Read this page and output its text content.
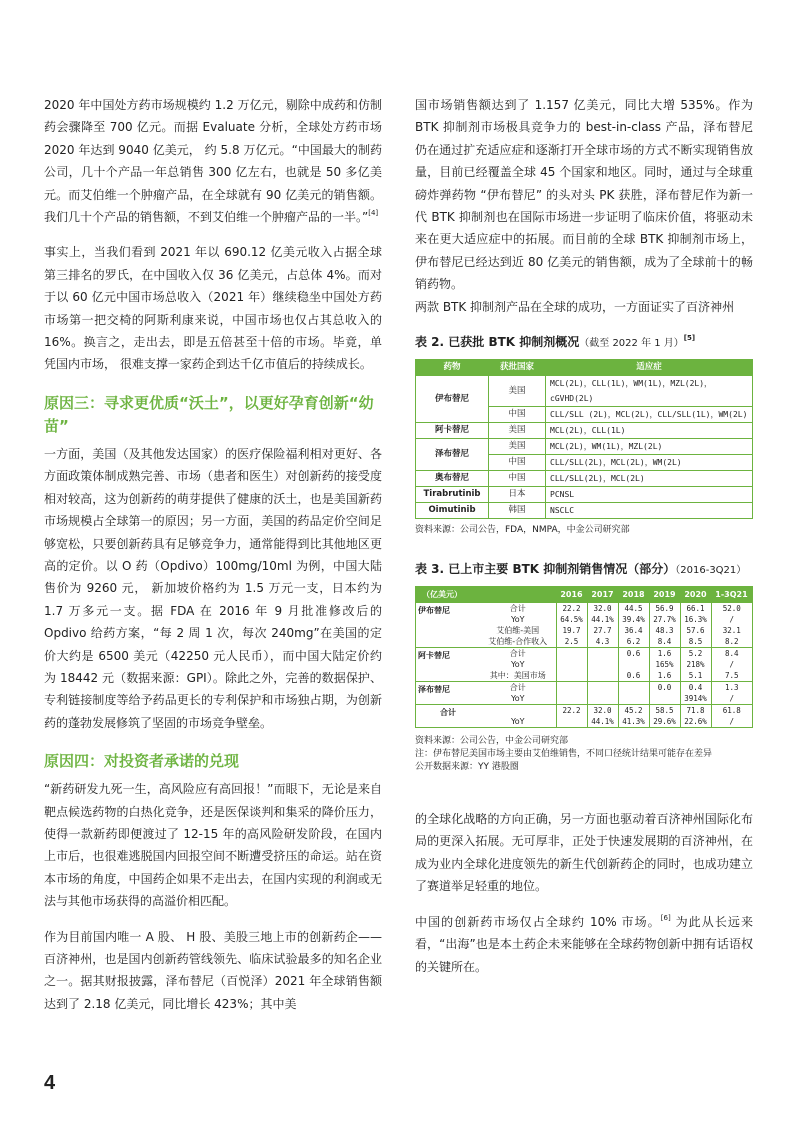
2020 年中国处方药市场规模约 1.2 万亿元，剔除中成药和仿制药会骤降至 700 亿元。而据 Evaluate 分析，全球处方药市场 2020 年达到 9040 亿美元， 约 5.8 万亿元。“中国最大的制药公司，几十个产品一年总销售 300 亿左右，也就是 50 多亿美元。而艾伯维一个肿瘤产品，在全球就有 90 亿美元的销售额。我们几十个产品的销售额，不到艾伯维一个肿瘤产品的一半。”[4]

事实上，当我们看到 2021 年以 690.12 亿美元收入占据全球第三排名的罗氏，在中国收入仅 36 亿美元，占总体 4%。而对于以 60 亿元中国市场总收入（2021 年）继续稳坐中国处方药市场第一把交椅的阿斯利康来说，中国市场也仅占其总收入的 16%。换言之，走出去，即是五倍甚至十倍的市场。毕竟，单凭国内市场， 很难支撑一家药企到达千亿市值后的持续成长。

原因三：寻求更优质“沃土”，以更好孕育创新“幼苗”

一方面，美国（及其他发达国家）的医疗保险福利相对更好、各方面政策体制成熟完善、市场（患者和医生）对创新药的接受度相对较高，这为创新药的萌芽提供了健康的沃土，也是美国新药市场规模占全球第一的原因；另一方面，美国的药品定价空间足够宽松，只要创新药具有足够竞争力，通常能得到比其他地区更高的定价。以 O 药（Opdivo）100mg/10ml 为例，中国大陆售价为 9260 元， 新加坡价格约为 1.5 万元一支，日本约为 1.7 万多元一支。据 FDA 在 2016 年 9 月批准修改后的 Opdivo 给药方案，“每 2 周 1 次，每次 240mg”在美国的定价大约是 6500 美元（42250 元人民币），而中国大陆定价约为 18442 元（数据来源：GPI）。除此之外，完善的数据保护、专利链接制度等给予药品更长的专利保护和市场独占期，为创新药的蓬勃发展修筑了坚固的市场竞争壁垒。

原因四：对投资者承诺的兑现

“新药研发九死一生，高风险应有高回报！”而眼下，无论是来自靶点候选药物的白热化竞争，还是医保谈判和集采的降价压力，使得一款新药即便渡过了 12-15 年的高风险研发阶段，在国内上市后，也很难逃脱国内回报空间不断遭受挤压的命运。站在资本市场的角度，中国药企如果不走出去，在国内实现的利润或无法与其他市场获得的高溢价相匹配。

作为目前国内唯一 A 股、 H 股、美股三地上市的创新药企—— 百济神州，也是国内创新药管线领先、临床试验最多的知名企业之一。据其财报披露，泽布替尼（百悦泽）2021 年全球销售额达到了 2.18 亿美元，同比增长 423%；其中美

国市场销售额达到了 1.157 亿美元，同比大增 535%。作为 BTK 抑制剂市场极具竞争力的 best-in-class 产品，泽布替尼仍在通过扩充适应症和逐渐打开全球市场的方式不断实现销售放量，目前已经覆盖全球 45 个国家和地区。同时，通过与全球重磅炸弹药物 “伊布替尼” 的头对头 PK 获胜，泽布替尼作为新一代 BTK 抑制剂也在国际市场进一步证明了临床价值，将驱动未来在更大适应症中的拓展。而目前的全球 BTK 抑制剂市场上，伊布替尼已经达到近 80 亿美元的销售额，成为了全球前十的畅销药物。

两款 BTK 抑制剂产品在全球的成功，一方面证实了百济神州

表 2. 已获批 BTK 抑制剂概况（截至 2022 年 1 月）[5]
药物	获批国家	适应症
伊布替尼	美国	MCL(2L)，CLL(1L)，WM(1L)，MZL(2L)，cGVHD(2L)
	中国	CLL/SLL (2L)，MCL(2L)，CLL/SLL(1L)，WM(2L)
阿卡替尼	美国	MCL(2L)，CLL(1L)
泽布替尼	美国	MCL(2L)，WM(1L)，MZL(2L)
	中国	CLL/SLL(2L)，MCL(2L)，WM(2L)
奥布替尼	中国	CLL/SLL(2L)，MCL(2L)
Tirabrutinib	日本	PCNSL
Oimutinib	韩国	NSCLC
资料来源：公司公告，FDA，NMPA，中金公司研究部
表 3. 已上市主要 BTK 抑制剂销售情况（部分）（2016-3Q21）
（亿美元）		2016	2017	2018	2019	2020	1-3Q21
伊布替尼	合计	22.2	32.0	44.5	56.9	66.1	52.0
	YoY	64.5%	44.1%	39.4%	27.7%	16.3%	/
	艾伯维-美国	19.7	27.7	36.4	48.3	57.6	32.1
	艾伯维-合作收入	2.5	4.3	6.2	8.4	8.5	8.2
阿卡替尼	合计			0.6	1.6	5.2	8.4
	YoY				165%	218%	/
	其中：美国市场			0.6	1.6	5.1	7.5
泽布替尼	合计				0.0	0.4	1.3
	YoY					3914%	/
合计		22.2	32.0	45.2	58.5	71.8	61.8
	YoY		44.1%	41.3%	29.6%	22.6%	/
资料来源：公司公告，中金公司研究部
注：伊布替尼美国市场主要由艾伯维销售，不同口径统计结果可能存在差异
公开数据来源：YY 港股圈

的全球化战略的方向正确，另一方面也驱动着百济神州国际化布局的更深入拓展。无可厚非，正处于快速发展期的百济神州，在成为业内全球化进度领先的新生代创新药企的同时，也成功建立了赛道举足轻重的地位。

中国的创新药市场仅占全球约 10% 市场。[6] 为此从长远来看，“出海”也是本土药企未来能够在全球药物创新中拥有话语权的关键所在。

4
